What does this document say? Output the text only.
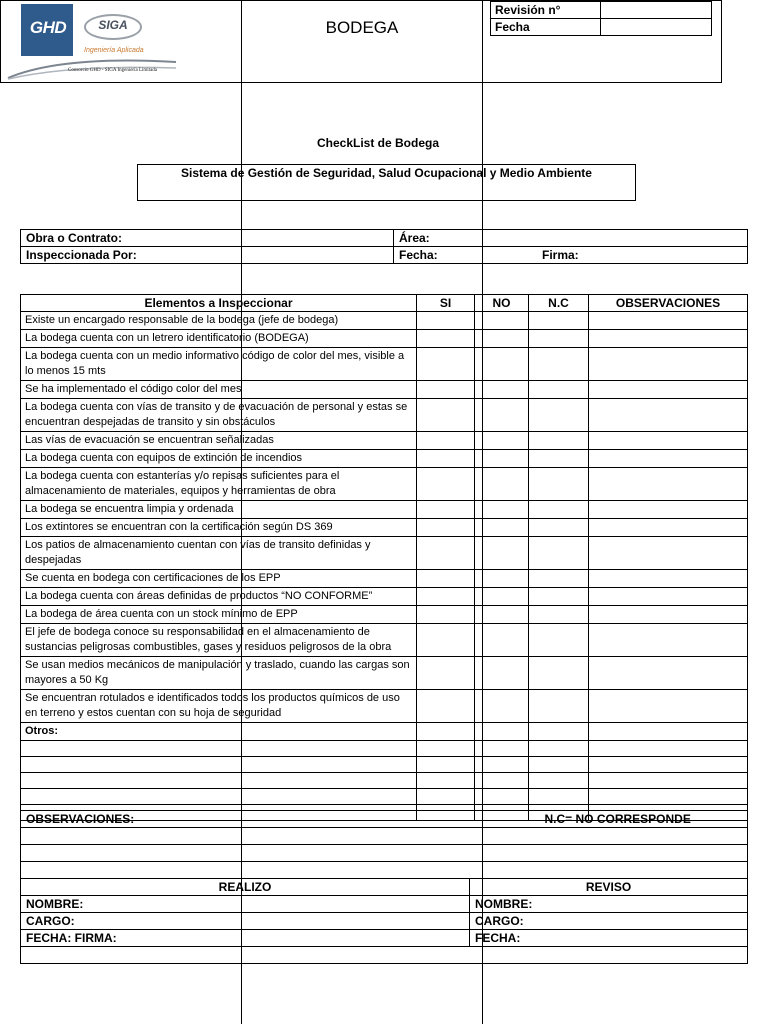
GHD	SIGA
Ingeniería Aplicada
Consorcio GHD - SIGA Ingeniería Limitada
BODEGA
Revisión n°	
Fecha	
CheckList de Bodega
Sistema de Gestión de Seguridad, Salud Ocupacional y Medio Ambiente
Obra o Contrato:	Área:	
Inspeccionada Por:	Fecha:	Firma:
Elementos a Inspeccionar	SI	NO	N.C	OBSERVACIONES
Existe un encargado responsable de la bodega (jefe de bodega)				
La bodega cuenta con un letrero identificatorio (BODEGA)				
La bodega cuenta con un medio informativo código de color del mes, visible a lo menos 15 mts				
Se ha implementado el código color del mes				
La bodega cuenta con vías de transito y de evacuación de personal y estas se encuentran despejadas de transito y sin obstáculos				
Las vías de evacuación se encuentran señalizadas				
La bodega cuenta con equipos de extinción de incendios				
La bodega cuenta con estanterías y/o repisas suficientes para el almacenamiento de materiales, equipos y herramientas de obra				
La bodega se encuentra limpia y ordenada				
Los extintores se encuentran con la certificación según DS 369				
Los patios de almacenamiento cuentan con vías de transito definidas y despejadas				
Se cuenta en bodega con certificaciones de los EPP				
La bodega cuenta con áreas definidas de productos “NO CONFORME”				
La bodega de área cuenta con un stock mínimo de EPP				
El jefe de bodega conoce su responsabilidad en el almacenamiento de sustancias peligrosas combustibles, gases y residuos peligrosos de la obra				
Se usan medios mecánicos de manipulación y traslado, cuando las cargas son mayores a 50 Kg				
Se encuentran rotulados e identificados todos los productos químicos de uso en terreno y estos cuentan con su hoja de seguridad				
Otros:				

OBSERVACIONES:	N.C= NO CORRESPONDE

REALIZO	REVISO
NOMBRE:	NOMBRE:
CARGO:	CARGO:
FECHA: FIRMA:	FECHA:
